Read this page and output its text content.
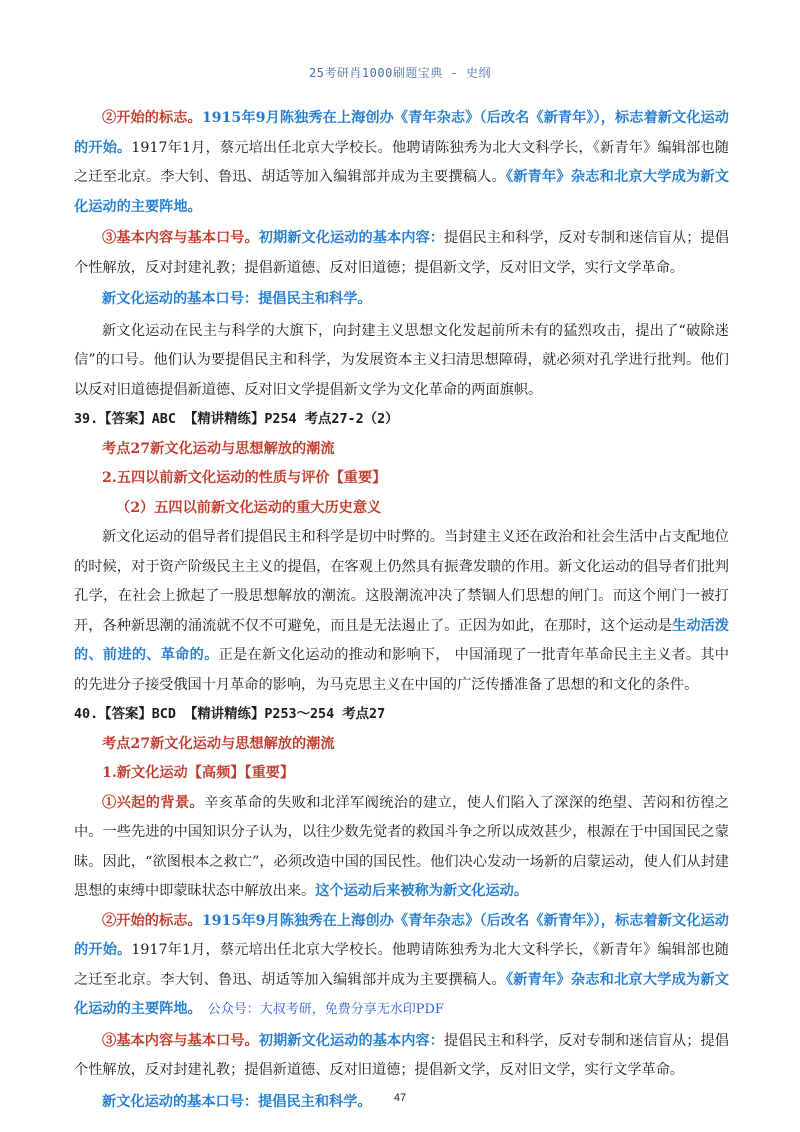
25考研肖1000刷题宝典 - 史纲

②开始的标志。1915年9月陈独秀在上海创办《青年杂志》（后改名《新青年》），标志着新文化运动的开始。1917年1月，蔡元培出任北京大学校长。他聘请陈独秀为北大文科学长，《新青年》编辑部也随之迁至北京。李大钊、鲁迅、胡适等加入编辑部并成为主要撰稿人。《新青年》杂志和北京大学成为新文化运动的主要阵地。

③基本内容与基本口号。初期新文化运动的基本内容：提倡民主和科学，反对专制和迷信盲从；提倡个性解放，反对封建礼教；提倡新道德、反对旧道德；提倡新文学，反对旧文学，实行文学革命。

新文化运动的基本口号：提倡民主和科学。

新文化运动在民主与科学的大旗下，向封建主义思想文化发起前所未有的猛烈攻击，提出了“破除迷信”的口号。他们认为要提倡民主和科学，为发展资本主义扫清思想障碍，就必须对孔学进行批判。他们以反对旧道德提倡新道德、反对旧文学提倡新文学为文化革命的两面旗帜。

39.【答案】ABC 【精讲精练】P254 考点27-2（2）

考点27新文化运动与思想解放的潮流

2.五四以前新文化运动的性质与评价【重要】

（2）五四以前新文化运动的重大历史意义

新文化运动的倡导者们提倡民主和科学是切中时弊的。当封建主义还在政治和社会生活中占支配地位的时候，对于资产阶级民主主义的提倡，在客观上仍然具有振聋发聩的作用。新文化运动的倡导者们批判孔学，在社会上掀起了一股思想解放的潮流。这股潮流冲决了禁锢人们思想的闸门。而这个闸门一被打开，各种新思潮的涌流就不仅不可避免，而且是无法遏止了。正因为如此，在那时，这个运动是生动活泼的、前进的、革命的。正是在新文化运动的推动和影响下， 中国涌现了一批青年革命民主主义者。其中的先进分子接受俄国十月革命的影响，为马克思主义在中国的广泛传播准备了思想的和文化的条件。

40.【答案】BCD 【精讲精练】P253～254 考点27

考点27新文化运动与思想解放的潮流

1.新文化运动【高频】【重要】

①兴起的背景。辛亥革命的失败和北洋军阀统治的建立，使人们陷入了深深的绝望、苦闷和彷徨之中。一些先进的中国知识分子认为，以往少数先觉者的救国斗争之所以成效甚少，根源在于中国国民之蒙昧。因此，“欲图根本之救亡”，必须改造中国的国民性。他们决心发动一场新的启蒙运动，使人们从封建思想的束缚中即蒙昧状态中解放出来。这个运动后来被称为新文化运动。

②开始的标志。1915年9月陈独秀在上海创办《青年杂志》（后改名《新青年》），标志着新文化运动的开始。1917年1月，蔡元培出任北京大学校长。他聘请陈独秀为北大文科学长，《新青年》编辑部也随之迁至北京。李大钊、鲁迅、胡适等加入编辑部并成为主要撰稿人。《新青年》杂志和北京大学成为新文化运动的主要阵地。 公众号：大叔考研，免费分享无水印PDF

③基本内容与基本口号。初期新文化运动的基本内容：提倡民主和科学，反对专制和迷信盲从；提倡个性解放，反对封建礼教；提倡新道德、反对旧道德；提倡新文学，反对旧文学，实行文学革命。

新文化运动的基本口号：提倡民主和科学。	47
